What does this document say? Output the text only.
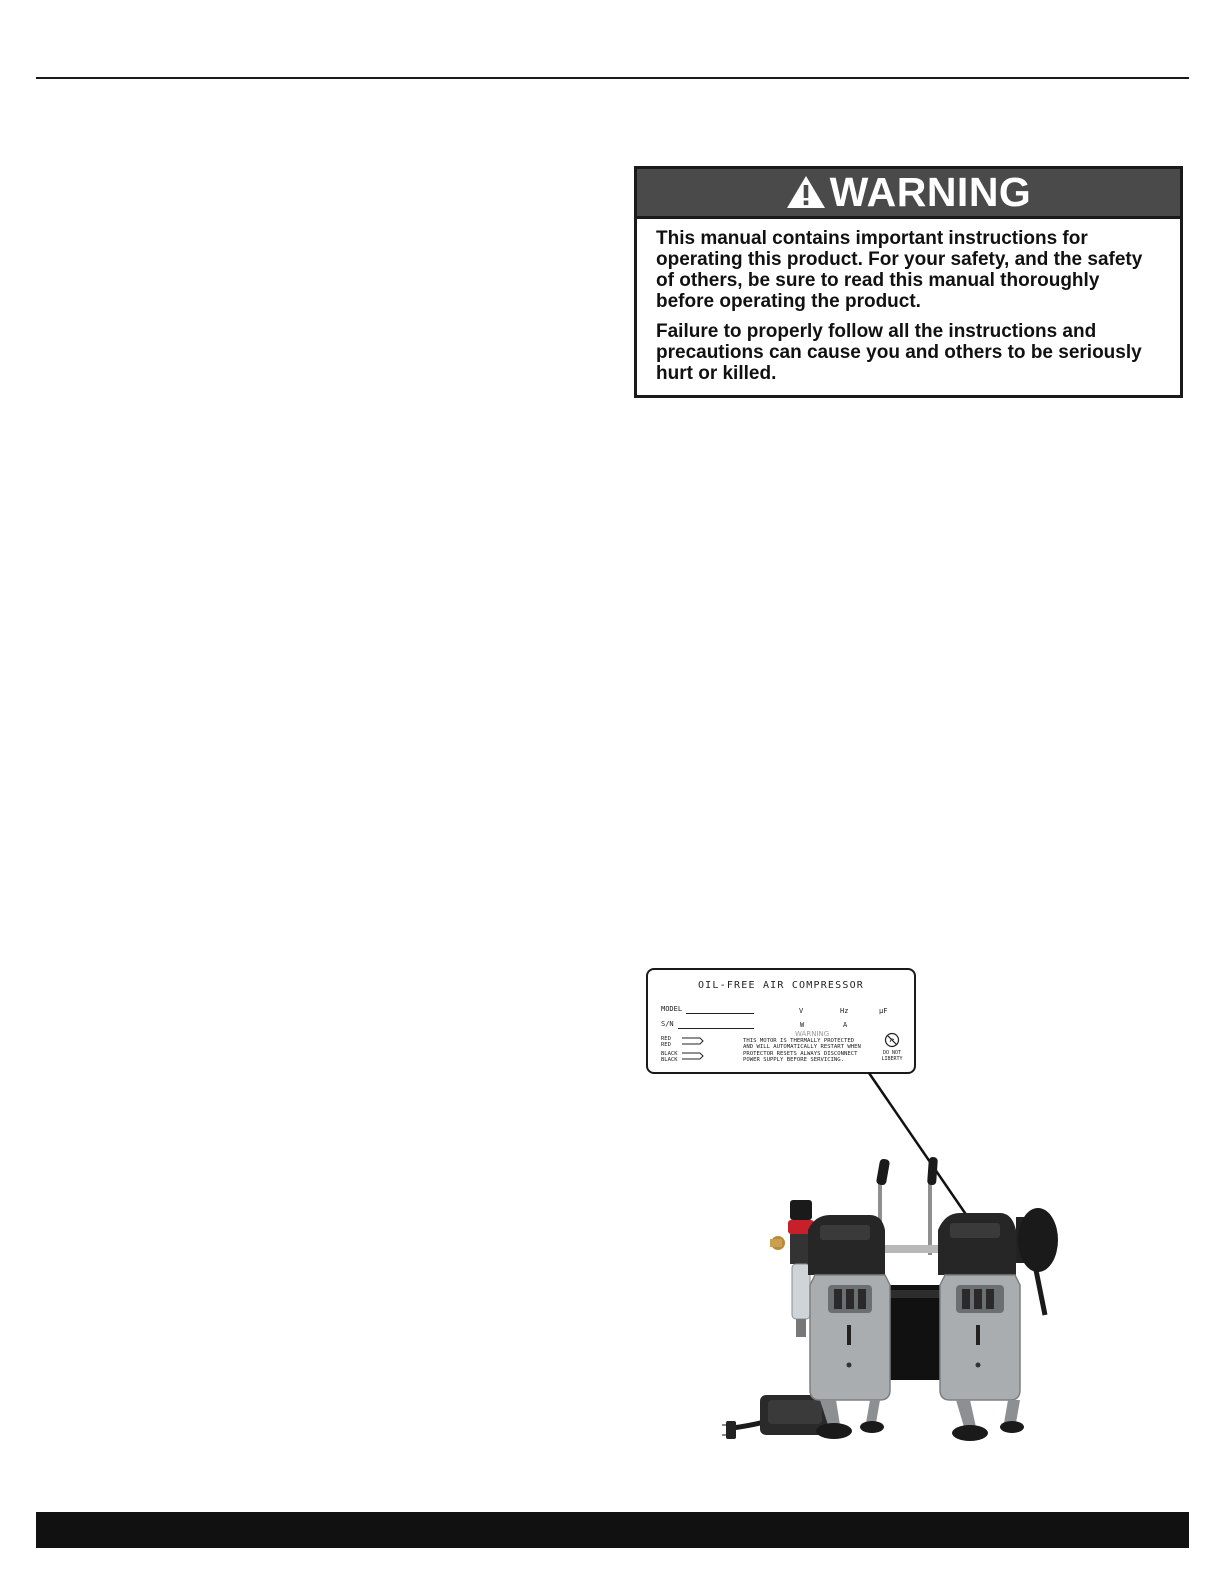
WARNING

This manual contains important instructions for operating this product. For your safety, and the safety of others, be sure to read this manual thoroughly before operating the product.

Failure to properly follow all the instructions and precautions can cause you and others to be seriously hurt or killed.

OIL-FREE AIR COMPRESSOR
MODEL
S/N
V	Hz	μF
W	A
RED
RED
BLACK
BLACK
WARNING
THIS MOTOR IS THERMALLY PROTECTED
AND WILL AUTOMATICALLY RESTART WHEN
PROTECTOR RESETS ALWAYS DISCONNECT
POWER SUPPLY BEFORE SERVICING.
DO NOT
LIBERTY
